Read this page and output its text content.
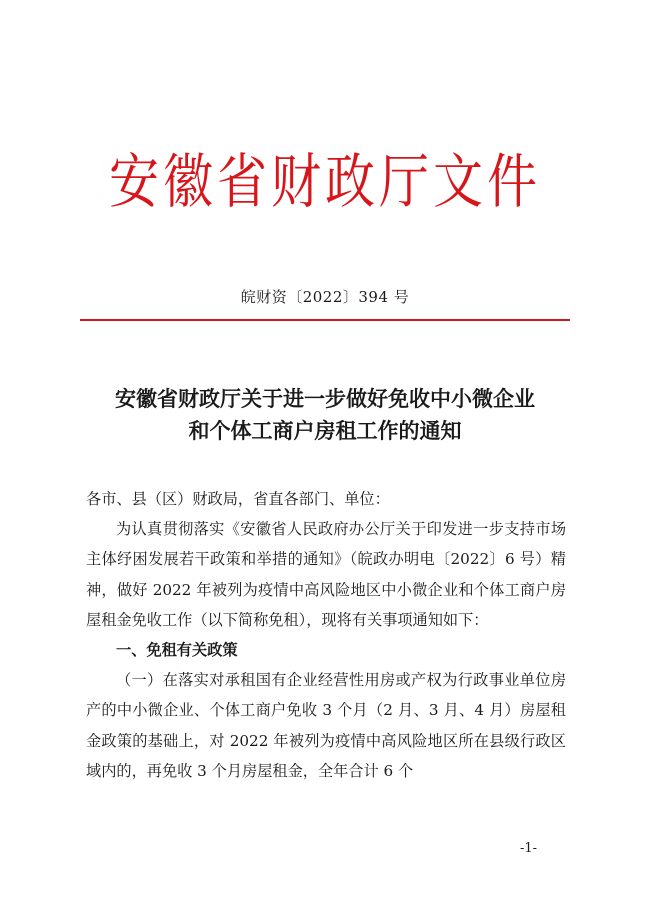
安徽省财政厅文件
皖财资〔2022〕394 号
安徽省财政厅关于进一步做好免收中小微企业
和个体工商户房租工作的通知

各市、县（区）财政局，省直各部门、单位：

为认真贯彻落实《安徽省人民政府办公厅关于印发进一步支持市场主体纾困发展若干政策和举措的通知》（皖政办明电〔2022〕6 号）精神，做好 2022 年被列为疫情中高风险地区中小微企业和个体工商户房屋租金免收工作（以下简称免租），现将有关事项通知如下：

一、免租有关政策

（一）在落实对承租国有企业经营性用房或产权为行政事业单位房产的中小微企业、个体工商户免收 3 个月（2 月、3 月、4 月）房屋租金政策的基础上，对 2022 年被列为疫情中高风险地区所在县级行政区域内的，再免收 3 个月房屋租金，全年合计 6 个

-1-
